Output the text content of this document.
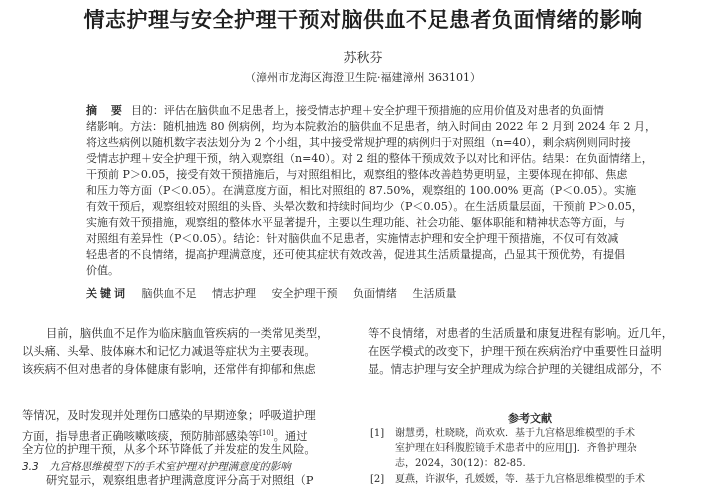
情志护理与安全护理干预对脑供血不足患者负面情绪的影响
苏秋芬
（漳州市龙海区海澄卫生院·福建漳州 363101）
摘 要 目的：评估在脑供血不足患者上，接受情志护理＋安全护理干预措施的应用价值及对患者的负面情
绪影响。方法：随机抽选 80 例病例，均为本院救治的脑供血不足患者，纳入时间由 2022 年 2 月到 2024 年 2 月，
将这些病例以随机数字表法划分为 2 个小组，其中接受常规护理的病例归于对照组（n=40），剩余病例则同时接
受情志护理＋安全护理干预，纳入观察组（n=40）。对 2 组的整体干预成效予以对比和评估。结果：在负面情绪上，
干预前 P＞0.05，接受有效干预措施后，与对照组相比，观察组的整体改善趋势更明显，主要体现在抑郁、焦虑
和压力等方面（P＜0.05）。在满意度方面，相比对照组的 87.50%，观察组的 100.00% 更高（P＜0.05）。实施
有效干预后，观察组较对照组的头昏、头晕次数和持续时间均少（P＜0.05）。在生活质量层面，干预前 P＞0.05，
实施有效干预措施，观察组的整体水平显著提升，主要以生理功能、社会功能、躯体职能和精神状态等方面，与
对照组有差异性（P＜0.05）。结论：针对脑供血不足患者，实施情志护理和安全护理干预措施，不仅可有效减
轻患者的不良情绪，提高护理满意度，还可使其症状有效改善，促进其生活质量提高，凸显其干预优势，有提倡
价值。
关键词 脑供血不足 情志护理 安全护理干预 负面情绪 生活质量
目前，脑供血不足作为临床脑血管疾病的一类常见类型，
以头痛、头晕、肢体麻木和记忆力减退等症状为主要表现。
该疾病不但对患者的身体健康有影响，还常伴有抑郁和焦虑
等不良情绪，对患者的生活质量和康复进程有影响。近几年，
在医学模式的改变下，护理干预在疾病治疗中重要性日益明
显。情志护理与安全护理成为综合护理的关键组成部分，不
等情况，及时发现并处理伤口感染的早期迹象；呼吸道护理
方面，指导患者正确咳嗽咳痰，预防肺部感染等[10]。通过
全方位的护理干预，从多个环节降低了并发症的发生风险。
3.3　九宫格思维模型下的手术室护理对护理满意度的影响
研究显示，观察组患者护理满意度评分高于对照组（P
参考文献
[1] 谢慧勇，杜晓晓，尚欢欢．基于九宫格思维模型的手术
室护理在妇科腹腔镜手术患者中的应用[J]．齐鲁护理杂
志，2024，30(12)：82-85.
[2] 夏燕，许淑华，孔媛媛，等．基于九宫格思维模型的手术
